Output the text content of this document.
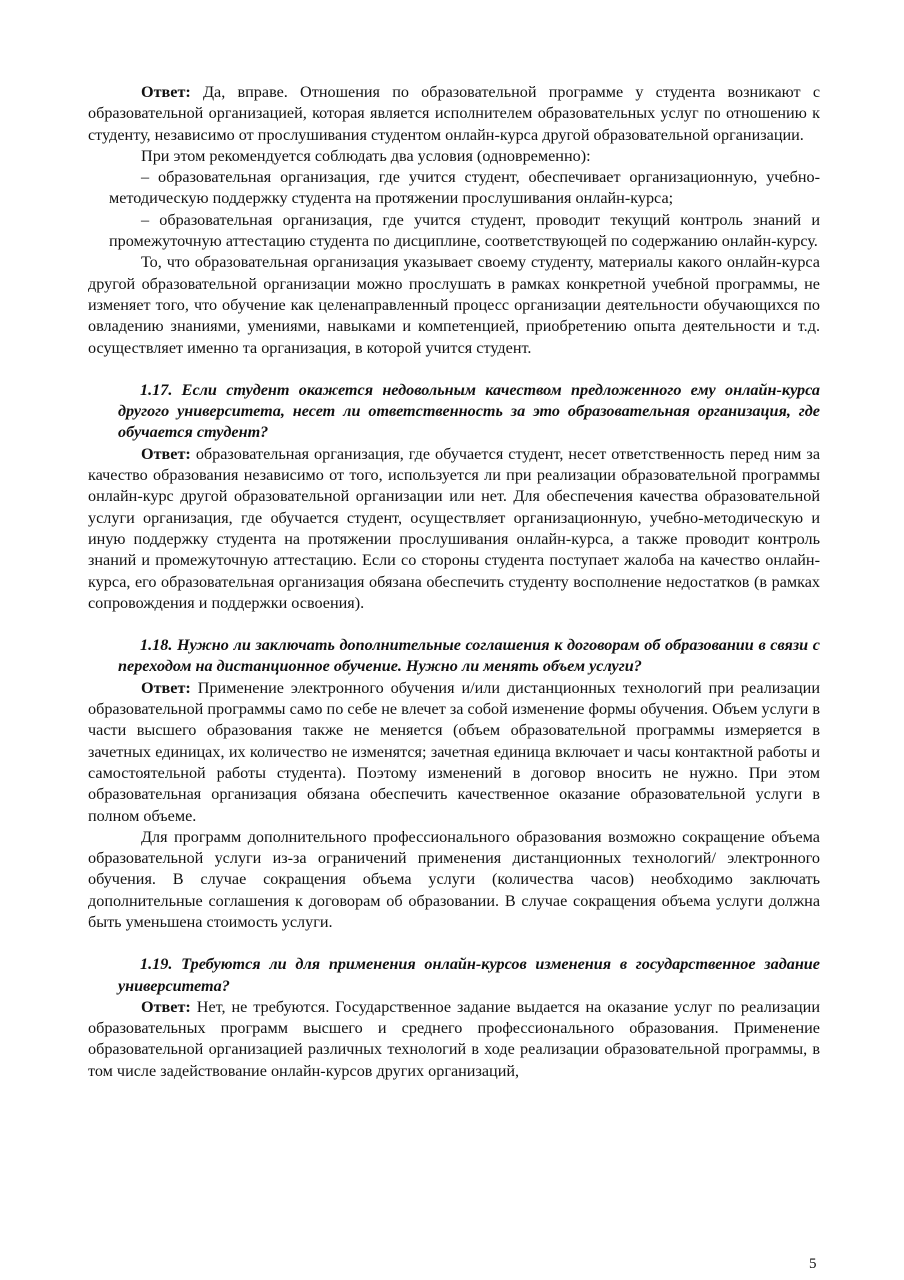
Ответ: Да, вправе. Отношения по образовательной программе у студента возникают с образовательной организацией, которая является исполнителем образовательных услуг по отношению к студенту, независимо от прослушивания студентом онлайн-курса другой образовательной организации.

При этом рекомендуется соблюдать два условия (одновременно):

– образовательная организация, где учится студент, обеспечивает организационную, учебно-методическую поддержку студента на протяжении прослушивания онлайн-курса;

– образовательная организация, где учится студент, проводит текущий контроль знаний и промежуточную аттестацию студента по дисциплине, соответствующей по содержанию онлайн-курсу.

То, что образовательная организация указывает своему студенту, материалы какого онлайн-курса другой образовательной организации можно прослушать в рамках конкретной учебной программы, не изменяет того, что обучение как целенаправленный процесс организации деятельности обучающихся по овладению знаниями, умениями, навыками и компетенцией, приобретению опыта деятельности и т.д. осуществляет именно та организация, в которой учится студент.

1.17. Если студент окажется недовольным качеством предложенного ему онлайн-курса другого университета, несет ли ответственность за это образовательная организация, где обучается студент?

Ответ: образовательная организация, где обучается студент, несет ответственность перед ним за качество образования независимо от того, используется ли при реализации образовательной программы онлайн-курс другой образовательной организации или нет. Для обеспечения качества образовательной услуги организация, где обучается студент, осуществляет организационную, учебно-методическую и иную поддержку студента на протяжении прослушивания онлайн-курса, а также проводит контроль знаний и промежуточную аттестацию. Если со стороны студента поступает жалоба на качество онлайн-курса, его образовательная организация обязана обеспечить студенту восполнение недостатков (в рамках сопровождения и поддержки освоения).

1.18. Нужно ли заключать дополнительные соглашения к договорам об образовании в связи с переходом на дистанционное обучение. Нужно ли менять объем услуги?

Ответ: Применение электронного обучения и/или дистанционных технологий при реализации образовательной программы само по себе не влечет за собой изменение формы обучения. Объем услуги в части высшего образования также не меняется (объем образовательной программы измеряется в зачетных единицах, их количество не изменятся; зачетная единица включает и часы контактной работы и самостоятельной работы студента). Поэтому изменений в договор вносить не нужно. При этом образовательная организация обязана обеспечить качественное оказание образовательной услуги в полном объеме.

Для программ дополнительного профессионального образования возможно сокращение объема образовательной услуги из-за ограничений применения дистанционных технологий/ электронного обучения. В случае сокращения объема услуги (количества часов) необходимо заключать дополнительные соглашения к договорам об образовании. В случае сокращения объема услуги должна быть уменьшена стоимость услуги.

1.19. Требуются ли для применения онлайн-курсов изменения в государственное задание университета?

Ответ: Нет, не требуются. Государственное задание выдается на оказание услуг по реализации образовательных программ высшего и среднего профессионального образования. Применение образовательной организацией различных технологий в ходе реализации образовательной программы, в том числе задействование онлайн-курсов других организаций,

5
